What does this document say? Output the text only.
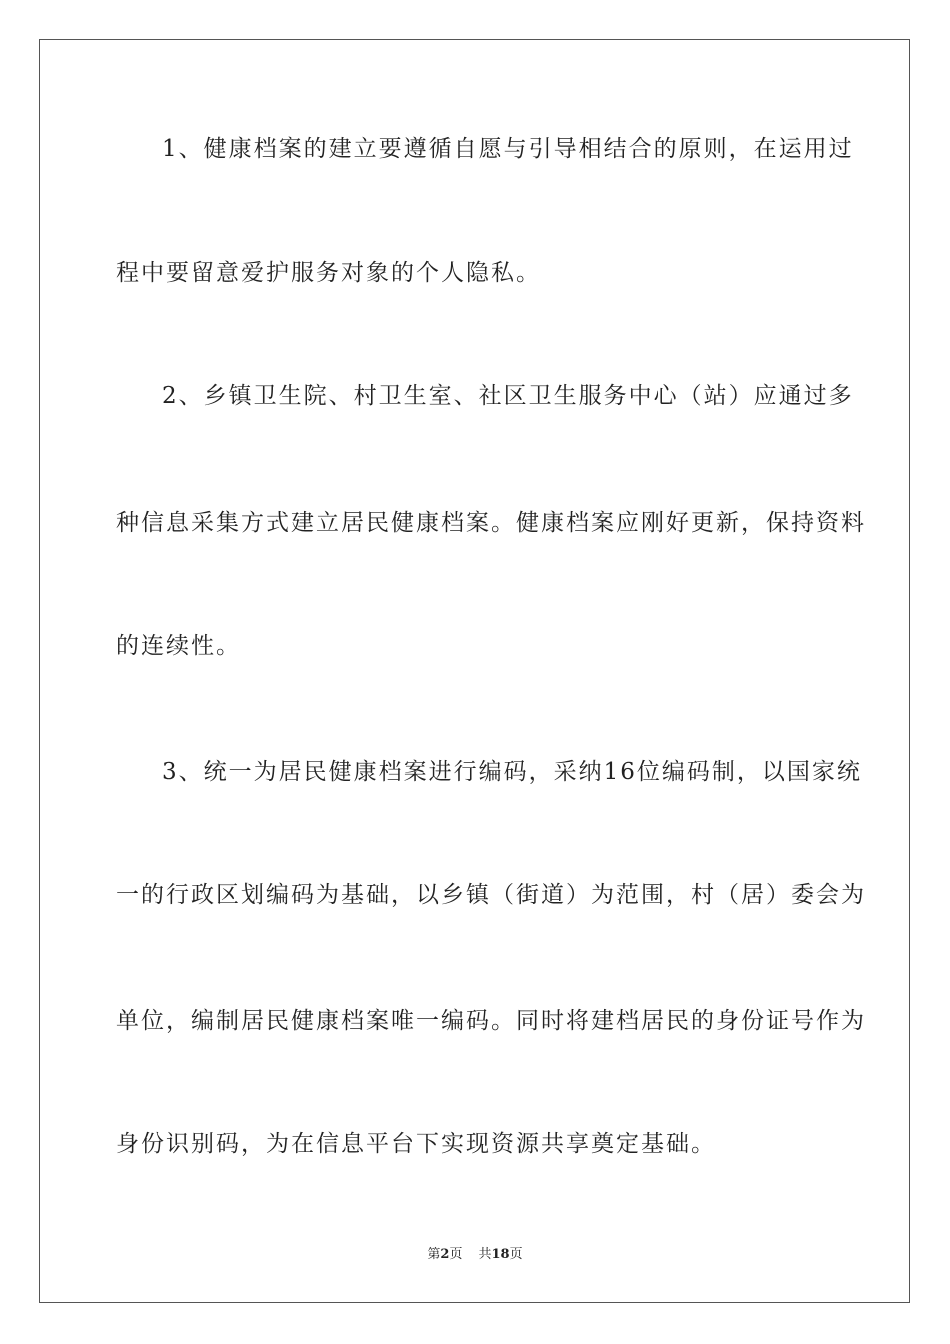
1、健康档案的建立要遵循自愿与引导相结合的原则，在运用过
程中要留意爱护服务对象的个人隐私。
2、乡镇卫生院、村卫生室、社区卫生服务中心（站）应通过多
种信息采集方式建立居民健康档案。健康档案应刚好更新，保持资料
的连续性。
3、统一为居民健康档案进行编码，采纳16位编码制，以国家统
一的行政区划编码为基础，以乡镇（街道）为范围，村（居）委会为
单位，编制居民健康档案唯一编码。同时将建档居民的身份证号作为
身份识别码，为在信息平台下实现资源共享奠定基础。
第2页 共18页
